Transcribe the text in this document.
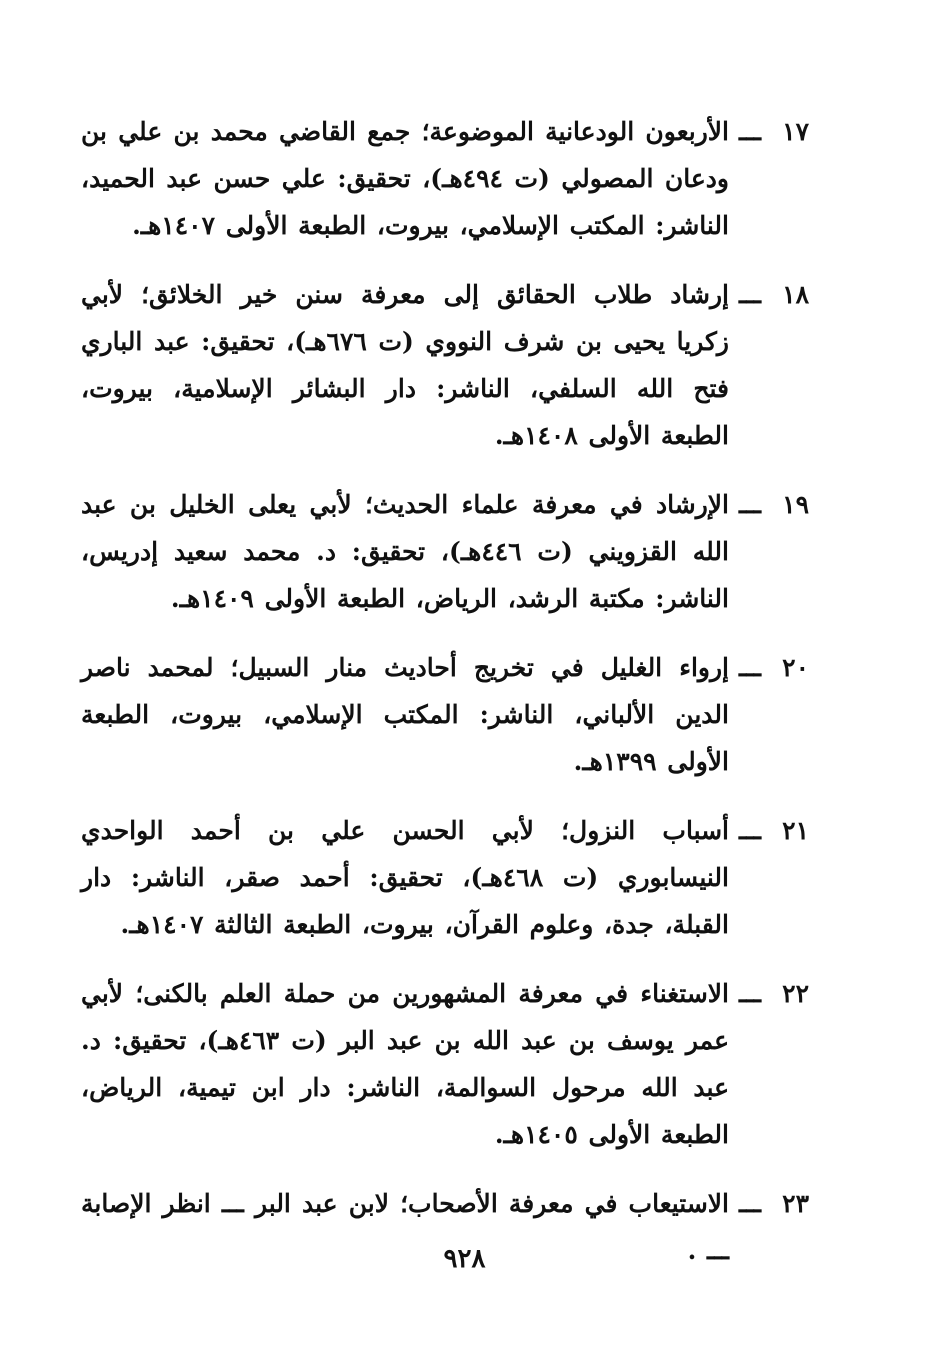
١٧
ـــ
الأربعون الودعانية الموضوعة؛ جمع القاضي محمد بن علي بن ودعان المصولي (ت ٤٩٤هـ)، تحقيق: علي حسن عبد الحميد، الناشر: المكتب الإسلامي، بيروت، الطبعة الأولى ١٤٠٧هـ.
١٨
ـــ
إرشاد طلاب الحقائق إلى معرفة سنن خير الخلائق؛ لأبي زكريا يحيى بن شرف النووي (ت ٦٧٦هـ)، تحقيق: عبد الباري فتح الله السلفي، الناشر: دار البشائر الإسلامية، بيروت، الطبعة الأولى ١٤٠٨هـ.
١٩
ـــ
الإرشاد في معرفة علماء الحديث؛ لأبي يعلى الخليل بن عبد الله القزويني (ت ٤٤٦هـ)، تحقيق: د. محمد سعيد إدريس، الناشر: مكتبة الرشد، الرياض، الطبعة الأولى ١٤٠٩هـ.
٢٠
ـــ
إرواء الغليل في تخريج أحاديث منار السبيل؛ لمحمد ناصر الدين الألباني، الناشر: المكتب الإسلامي، بيروت، الطبعة الأولى ١٣٩٩هـ.
٢١
ـــ
أسباب النزول؛ لأبي الحسن علي بن أحمد الواحدي النيسابوري (ت ٤٦٨هـ)، تحقيق: أحمد صقر، الناشر: دار القبلة، جدة، وعلوم القرآن، بيروت، الطبعة الثالثة ١٤٠٧هـ.
٢٢
ـــ
الاستغناء في معرفة المشهورين من حملة العلم بالكنى؛ لأبي عمر يوسف بن عبد الله بن عبد البر (ت ٤٦٣هـ)، تحقيق: د. عبد الله مرحول السوالمة، الناشر: دار ابن تيمية، الرياض، الطبعة الأولى ١٤٠٥هـ.
٢٣
ـــ
الاستيعاب في معرفة الأصحاب؛ لابن عبد البر ـــ انظر الإصابة ـــ .
٩٢٨
